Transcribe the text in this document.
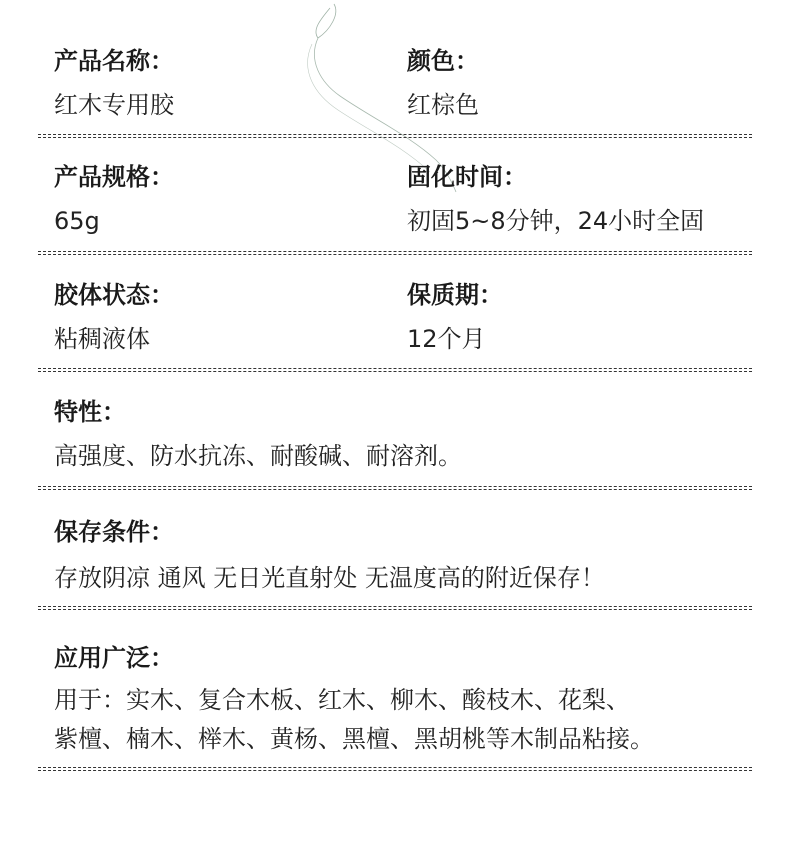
产品名称：
红木专用胶
颜色：
红棕色
产品规格：
65g
固化时间：
初固5~8分钟，24小时全固
胶体状态：
粘稠液体
保质期：
12个月
特性：
高强度、防水抗冻、耐酸碱、耐溶剂。
保存条件：
存放阴凉 通风 无日光直射处 无温度高的附近保存！
应用广泛：
用于：实木、复合木板、红木、柳木、酸枝木、花梨、
紫檀、楠木、榉木、黄杨、黑檀、黑胡桃等木制品粘接。
